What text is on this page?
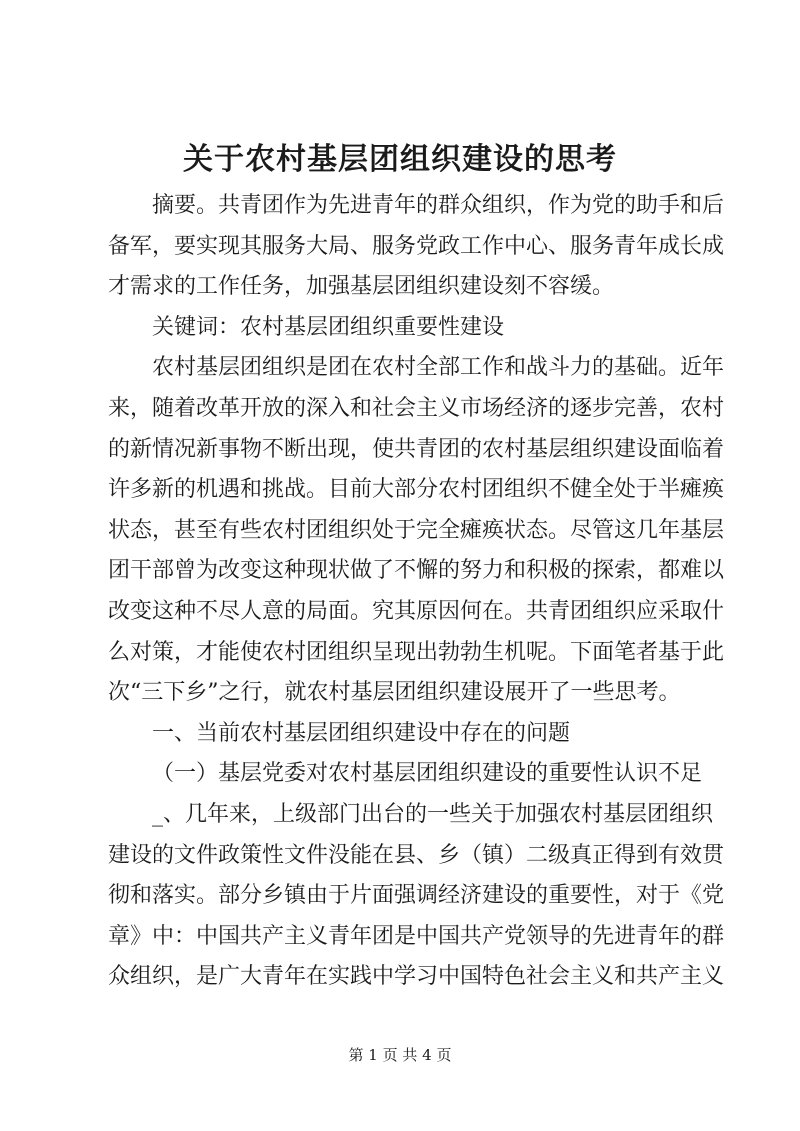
关于农村基层团组织建设的思考
摘要。共青团作为先进青年的群众组织，作为党的助手和后
备军，要实现其服务大局、服务党政工作中心、服务青年成长成
才需求的工作任务，加强基层团组织建设刻不容缓。
关键词：农村基层团组织重要性建设
农村基层团组织是团在农村全部工作和战斗力的基础。近年
来，随着改革开放的深入和社会主义市场经济的逐步完善，农村
的新情况新事物不断出现，使共青团的农村基层组织建设面临着
许多新的机遇和挑战。目前大部分农村团组织不健全处于半瘫痪
状态，甚至有些农村团组织处于完全瘫痪状态。尽管这几年基层
团干部曾为改变这种现状做了不懈的努力和积极的探索，都难以
改变这种不尽人意的局面。究其原因何在。共青团组织应采取什
么对策，才能使农村团组织呈现出勃勃生机呢。下面笔者基于此
次“三下乡”之行，就农村基层团组织建设展开了一些思考。
一、当前农村基层团组织建设中存在的问题
（一）基层党委对农村基层团组织建设的重要性认识不足
_、几年来，上级部门出台的一些关于加强农村基层团组织
建设的文件政策性文件没能在县、乡（镇）二级真正得到有效贯
彻和落实。部分乡镇由于片面强调经济建设的重要性，对于《党
章》中：中国共产主义青年团是中国共产党领导的先进青年的群
众组织，是广大青年在实践中学习中国特色社会主义和共产主义
第 1 页 共 4 页
